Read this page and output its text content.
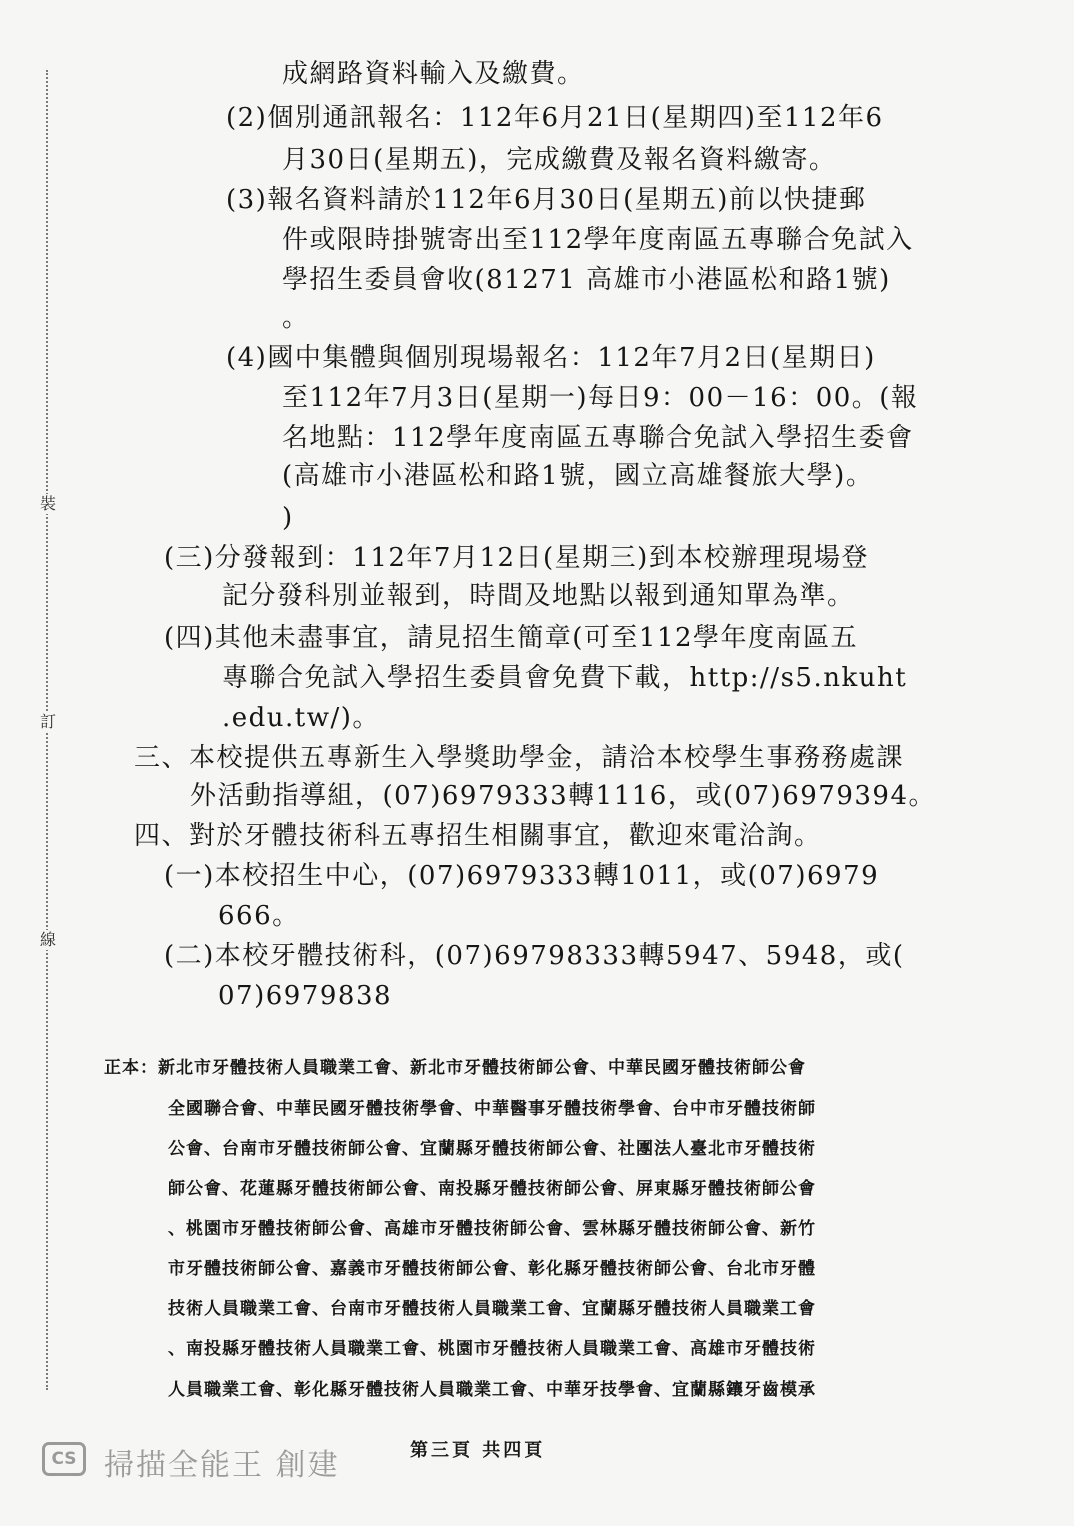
裝
訂
線
成網路資料輸入及繳費。
(2)個別通訊報名：112年6月21日(星期四)至112年6
月30日(星期五)，完成繳費及報名資料繳寄。
(3)報名資料請於112年6月30日(星期五)前以快捷郵
件或限時掛號寄出至112學年度南區五專聯合免試入
學招生委員會收(81271 高雄市小港區松和路1號)
。
(4)國中集體與個別現場報名：112年7月2日(星期日)
至112年7月3日(星期一)每日9：00－16：00。(報
名地點：112學年度南區五專聯合免試入學招生委會
(高雄市小港區松和路1號，國立高雄餐旅大學)。
)
(三)分發報到：112年7月12日(星期三)到本校辦理現場登
記分發科別並報到，時間及地點以報到通知單為準。
(四)其他未盡事宜，請見招生簡章(可至112學年度南區五
專聯合免試入學招生委員會免費下載，http://s5.nkuht
.edu.tw/)。
三、本校提供五專新生入學獎助學金，請洽本校學生事務務處課
外活動指導組，(07)6979333轉1116，或(07)6979394。
四、對於牙體技術科五專招生相關事宜，歡迎來電洽詢。
(一)本校招生中心，(07)6979333轉1011，或(07)6979
666。
(二)本校牙體技術科，(07)69798333轉5947、5948，或(
07)6979838
正本：新北市牙體技術人員職業工會、新北市牙體技術師公會、中華民國牙體技術師公會
全國聯合會、中華民國牙體技術學會、中華醫事牙體技術學會、台中市牙體技術師
公會、台南市牙體技術師公會、宜蘭縣牙體技術師公會、社團法人臺北市牙體技術
師公會、花蓮縣牙體技術師公會、南投縣牙體技術師公會、屏東縣牙體技術師公會
、桃園市牙體技術師公會、高雄市牙體技術師公會、雲林縣牙體技術師公會、新竹
市牙體技術師公會、嘉義市牙體技術師公會、彰化縣牙體技術師公會、台北市牙體
技術人員職業工會、台南市牙體技術人員職業工會、宜蘭縣牙體技術人員職業工會
、南投縣牙體技術人員職業工會、桃園市牙體技術人員職業工會、高雄市牙體技術
人員職業工會、彰化縣牙體技術人員職業工會、中華牙技學會、宜蘭縣鑲牙齒模承
CS 掃描全能王 創建	第三頁 共四頁
